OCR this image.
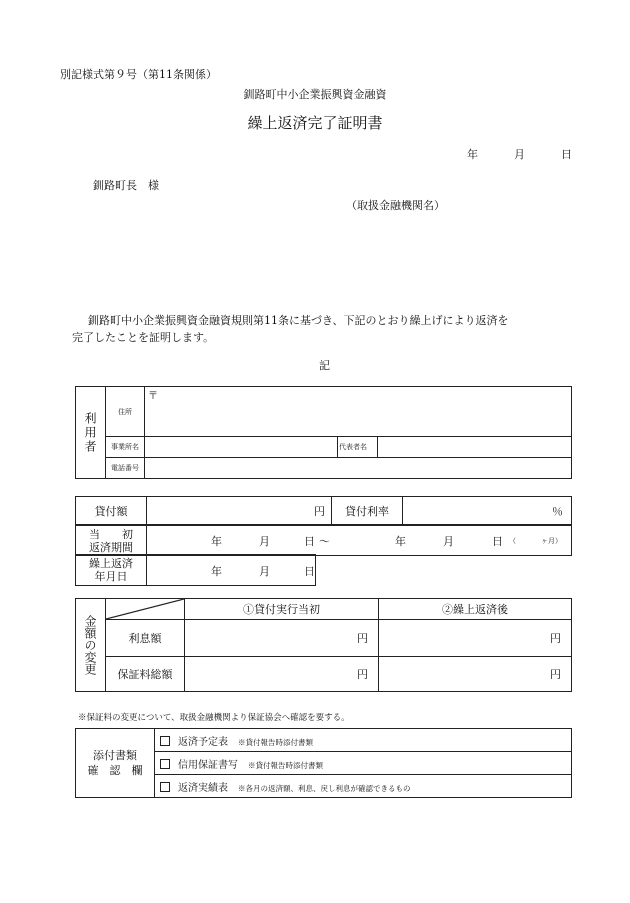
別記様式第９号（第11条関係）
釧路町中小企業振興資金融資
繰上返済完了証明書
年	月	日
釧路町長　様
（取扱金融機関名）
釧路町中小企業振興資金融資規則第11条に基づき、下記のとおり繰上げにより返済を
完了したことを証明します。
記
利用者	住所	〒		
	事業所名		代表者名	
	電話番号			
貸付額	円	貸付利率	％
当　　初
返済期間	年	月	日 ～	年	月	日 （	ヶ月）
繰上返済
年月日	年	月	日
金額の変更		①貸付実行当初	②繰上返済後
	利息額	円	円
	保証料総額	円	円
※保証料の変更について、取扱金融機関より保証協会へ確認を要する。
添付書類
確　認　欄
	返済予定表 ※貸付報告時添付書類
信用保証書写 ※貸付報告時添付書類
返済実績表 ※各月の返済額、利息、戻し利息が確認できるもの
